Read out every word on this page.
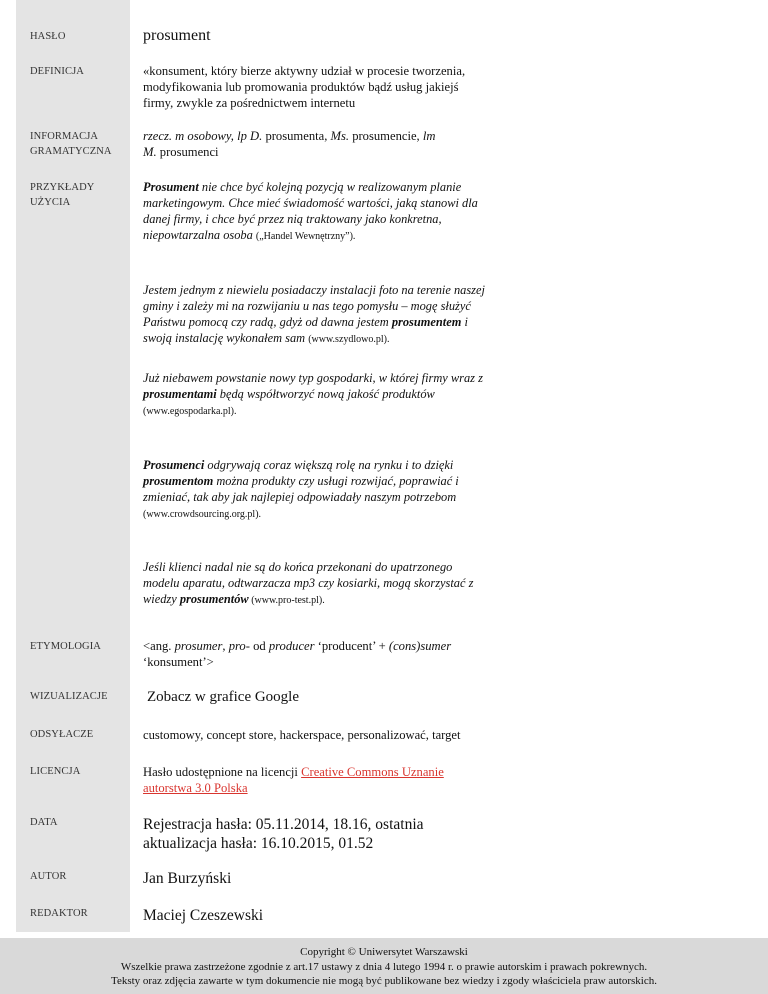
HASŁO
DEFINICJA
INFORMACJA
GRAMATYCZNA
PRZYKŁADY
UŻYCIA
ETYMOLOGIA
WIZUALIZACJE
ODSYŁACZE
LICENCJA
DATA
AUTOR
REDAKTOR
prosument
«konsument, który bierze aktywny udział w procesie tworzenia, modyfikowania lub promowania produktów bądź usług jakiejś firmy, zwykle za pośrednictwem internetu
rzecz. m osobowy, lp D. prosumenta, Ms. prosumencie, lm
M. prosumenci
Prosument nie chce być kolejną pozycją w realizowanym planie marketingowym. Chce mieć świadomość wartości, jaką stanowi dla danej firmy, i chce być przez nią traktowany jako konkretna, niepowtarzalna osoba („Handel Wewnętrzny”).
Jestem jednym z niewielu posiadaczy instalacji foto na terenie naszej gminy i zależy mi na rozwijaniu u nas tego pomysłu – mogę służyć Państwu pomocą czy radą, gdyż od dawna jestem prosumentem i swoją instalację wykonałem sam (www.szydlowo.pl).
Już niebawem powstanie nowy typ gospodarki, w której firmy wraz z prosumentami będą współtworzyć nową jakość produktów (www.egospodarka.pl).
Prosumenci odgrywają coraz większą rolę na rynku i to dzięki prosumentom można produkty czy usługi rozwijać, poprawiać i zmieniać, tak aby jak najlepiej odpowiadały naszym potrzebom (www.crowdsourcing.org.pl).
Jeśli klienci nadal nie są do końca przekonani do upatrzonego modelu aparatu, odtwarzacza mp3 czy kosiarki, mogą skorzystać z wiedzy prosumentów (www.pro-test.pl).
<ang. prosumer, pro- od producer ‘producent’ + (cons)sumer
‘konsument’>
Zobacz w grafice Google
customowy, concept store, hackerspace, personalizować, target
Hasło udostępnione na licencji Creative Commons Uznanie
autorstwa 3.0 Polska
Rejestracja hasła: 05.11.2014, 18.16, ostatnia
aktualizacja hasła: 16.10.2015, 01.52
Jan Burzyński
Maciej Czeszewski
Copyright © Uniwersytet Warszawski
Wszelkie prawa zastrzeżone zgodnie z art.17 ustawy z dnia 4 lutego 1994 r. o prawie autorskim i prawach pokrewnych.
Teksty oraz zdjęcia zawarte w tym dokumencie nie mogą być publikowane bez wiedzy i zgody właściciela praw autorskich.
